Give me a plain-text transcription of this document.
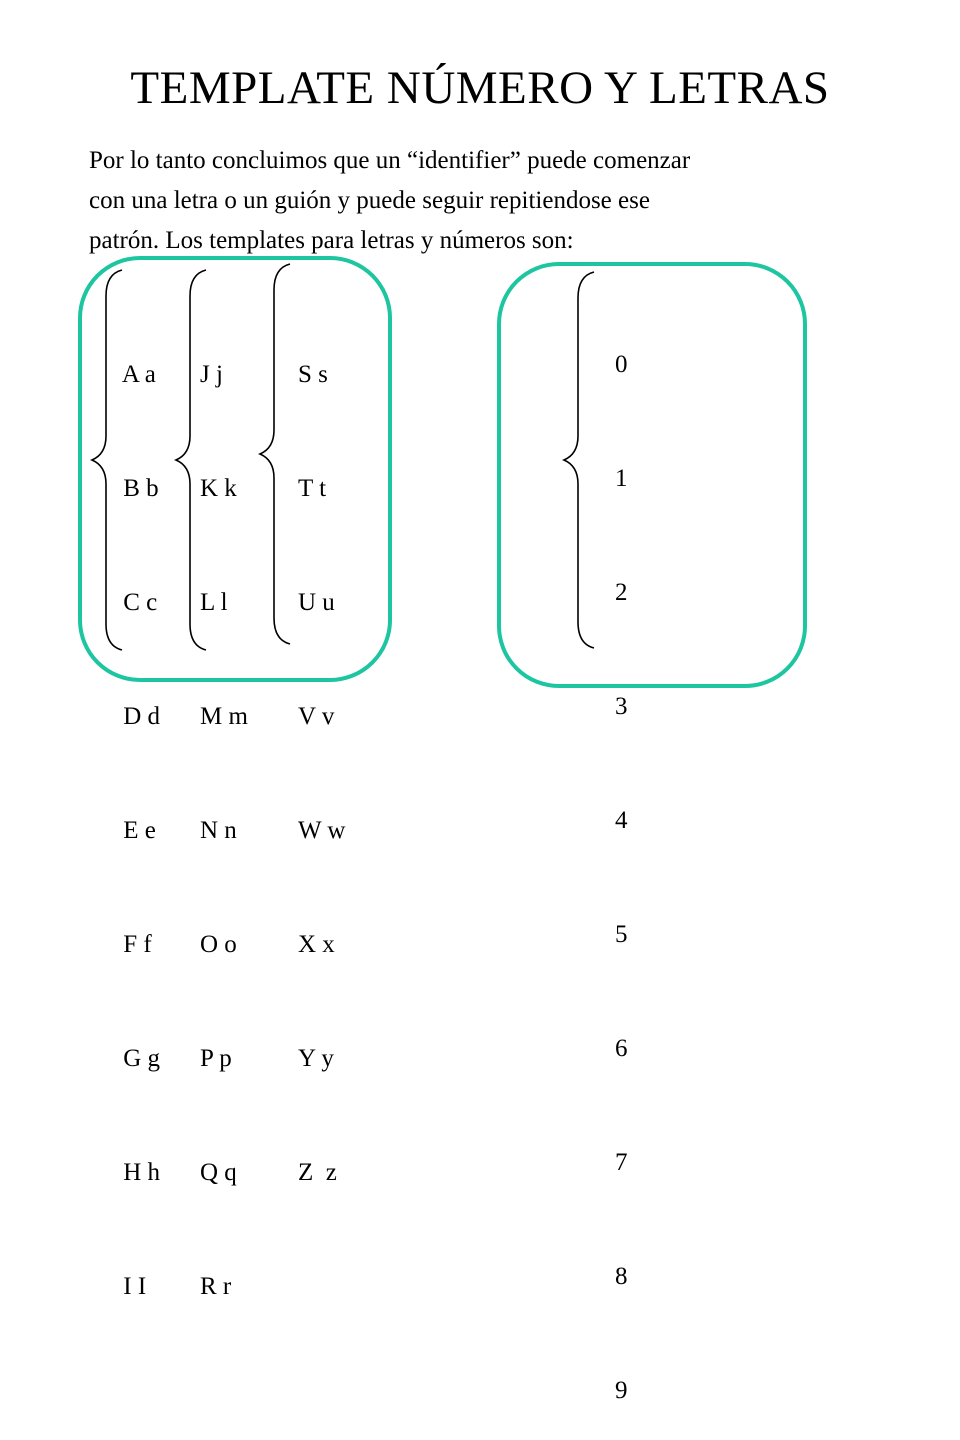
TEMPLATE NÚMERO Y LETRAS
Por lo tanto concluimos que un “identifier” puede comenzar
con una letra o un guión y puede seguir repitiendose ese
patrón. Los templates para letras y números son:

A a

B b

C c

D d

E e

F f

G g

H h

I I

J j

K k

L l

M m

N n

O o

P p

Q q

R r

S s

T t

U u

V v

W w

X x

Y y

Z  z

0

1

2

3

4

5

6

7

8

9
